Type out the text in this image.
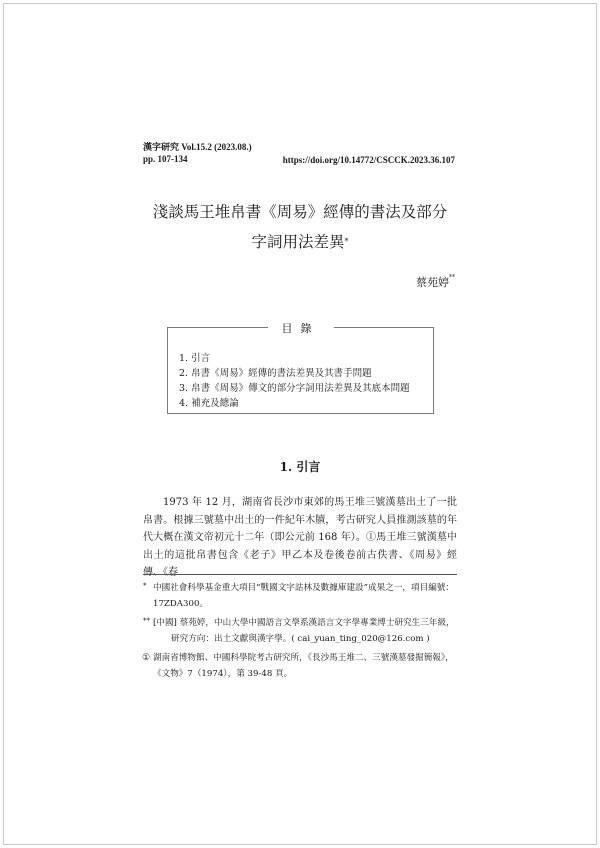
漢字研究 Vol.15.2 (2023.08.)
pp. 107-134	https://doi.org/10.14772/CSCCK.2023.36.107
淺談馬王堆帛書《周易》經傳的書法及部分
字詞用法差異*
蔡苑婷**
目錄
1. 引言
2. 帛書《周易》經傳的書法差異及其書手問題
3. 帛書《周易》傳文的部分字詞用法差異及其底本問題
4. 補充及總論
1. 引言
1973 年 12 月，湖南省長沙市東郊的馬王堆三號漢墓出土了一批帛書。根據三號墓中出土的一件紀年木牘，考古研究人員推測該墓的年代大概在漢文帝初元十二年（即公元前 168 年）。①馬王堆三號漢墓中出土的這批帛書包含《老子》甲乙本及卷後卷前古佚書、《周易》經傳、《春
* 中國社會科學基金重大項目“戰國文字詁林及數據庫建設”成果之一，項目編號：17ZDA300。
** [中國] 蔡苑婷，中山大學中國語言文學系漢語言文字學專業博士研究生三年級，
研究方向：出土文獻與漢字學。( cai_yuan_ting_020@126.com )
① 湖南省博物館、中國科學院考古研究所，《長沙馬王堆二、三號漢墓發掘簡報》，《文物》7（1974），第 39-48 頁。
